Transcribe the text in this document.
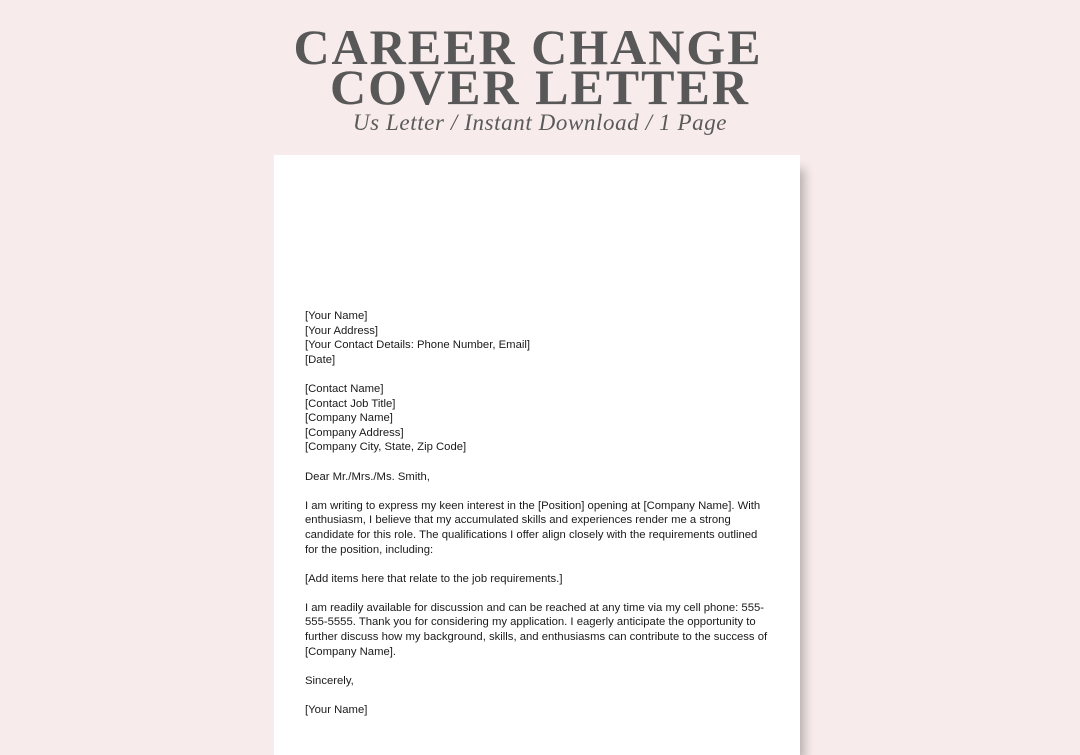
CAREER CHANGE
COVER LETTER
Us Letter / Instant Download / 1 Page
[Your Name]
[Your Address]
[Your Contact Details: Phone Number, Email]
[Date]
[Contact Name]
[Contact Job Title]
[Company Name]
[Company Address]
[Company City, State, Zip Code]
Dear Mr./Mrs./Ms. Smith,
I am writing to express my keen interest in the [Position] opening at [Company Name]. With
enthusiasm, I believe that my accumulated skills and experiences render me a strong
candidate for this role. The qualifications I offer align closely with the requirements outlined
for the position, including:
[Add items here that relate to the job requirements.]
I am readily available for discussion and can be reached at any time via my cell phone: 555-
555-5555. Thank you for considering my application. I eagerly anticipate the opportunity to
further discuss how my background, skills, and enthusiasms can contribute to the success of
[Company Name].
Sincerely,
[Your Name]
